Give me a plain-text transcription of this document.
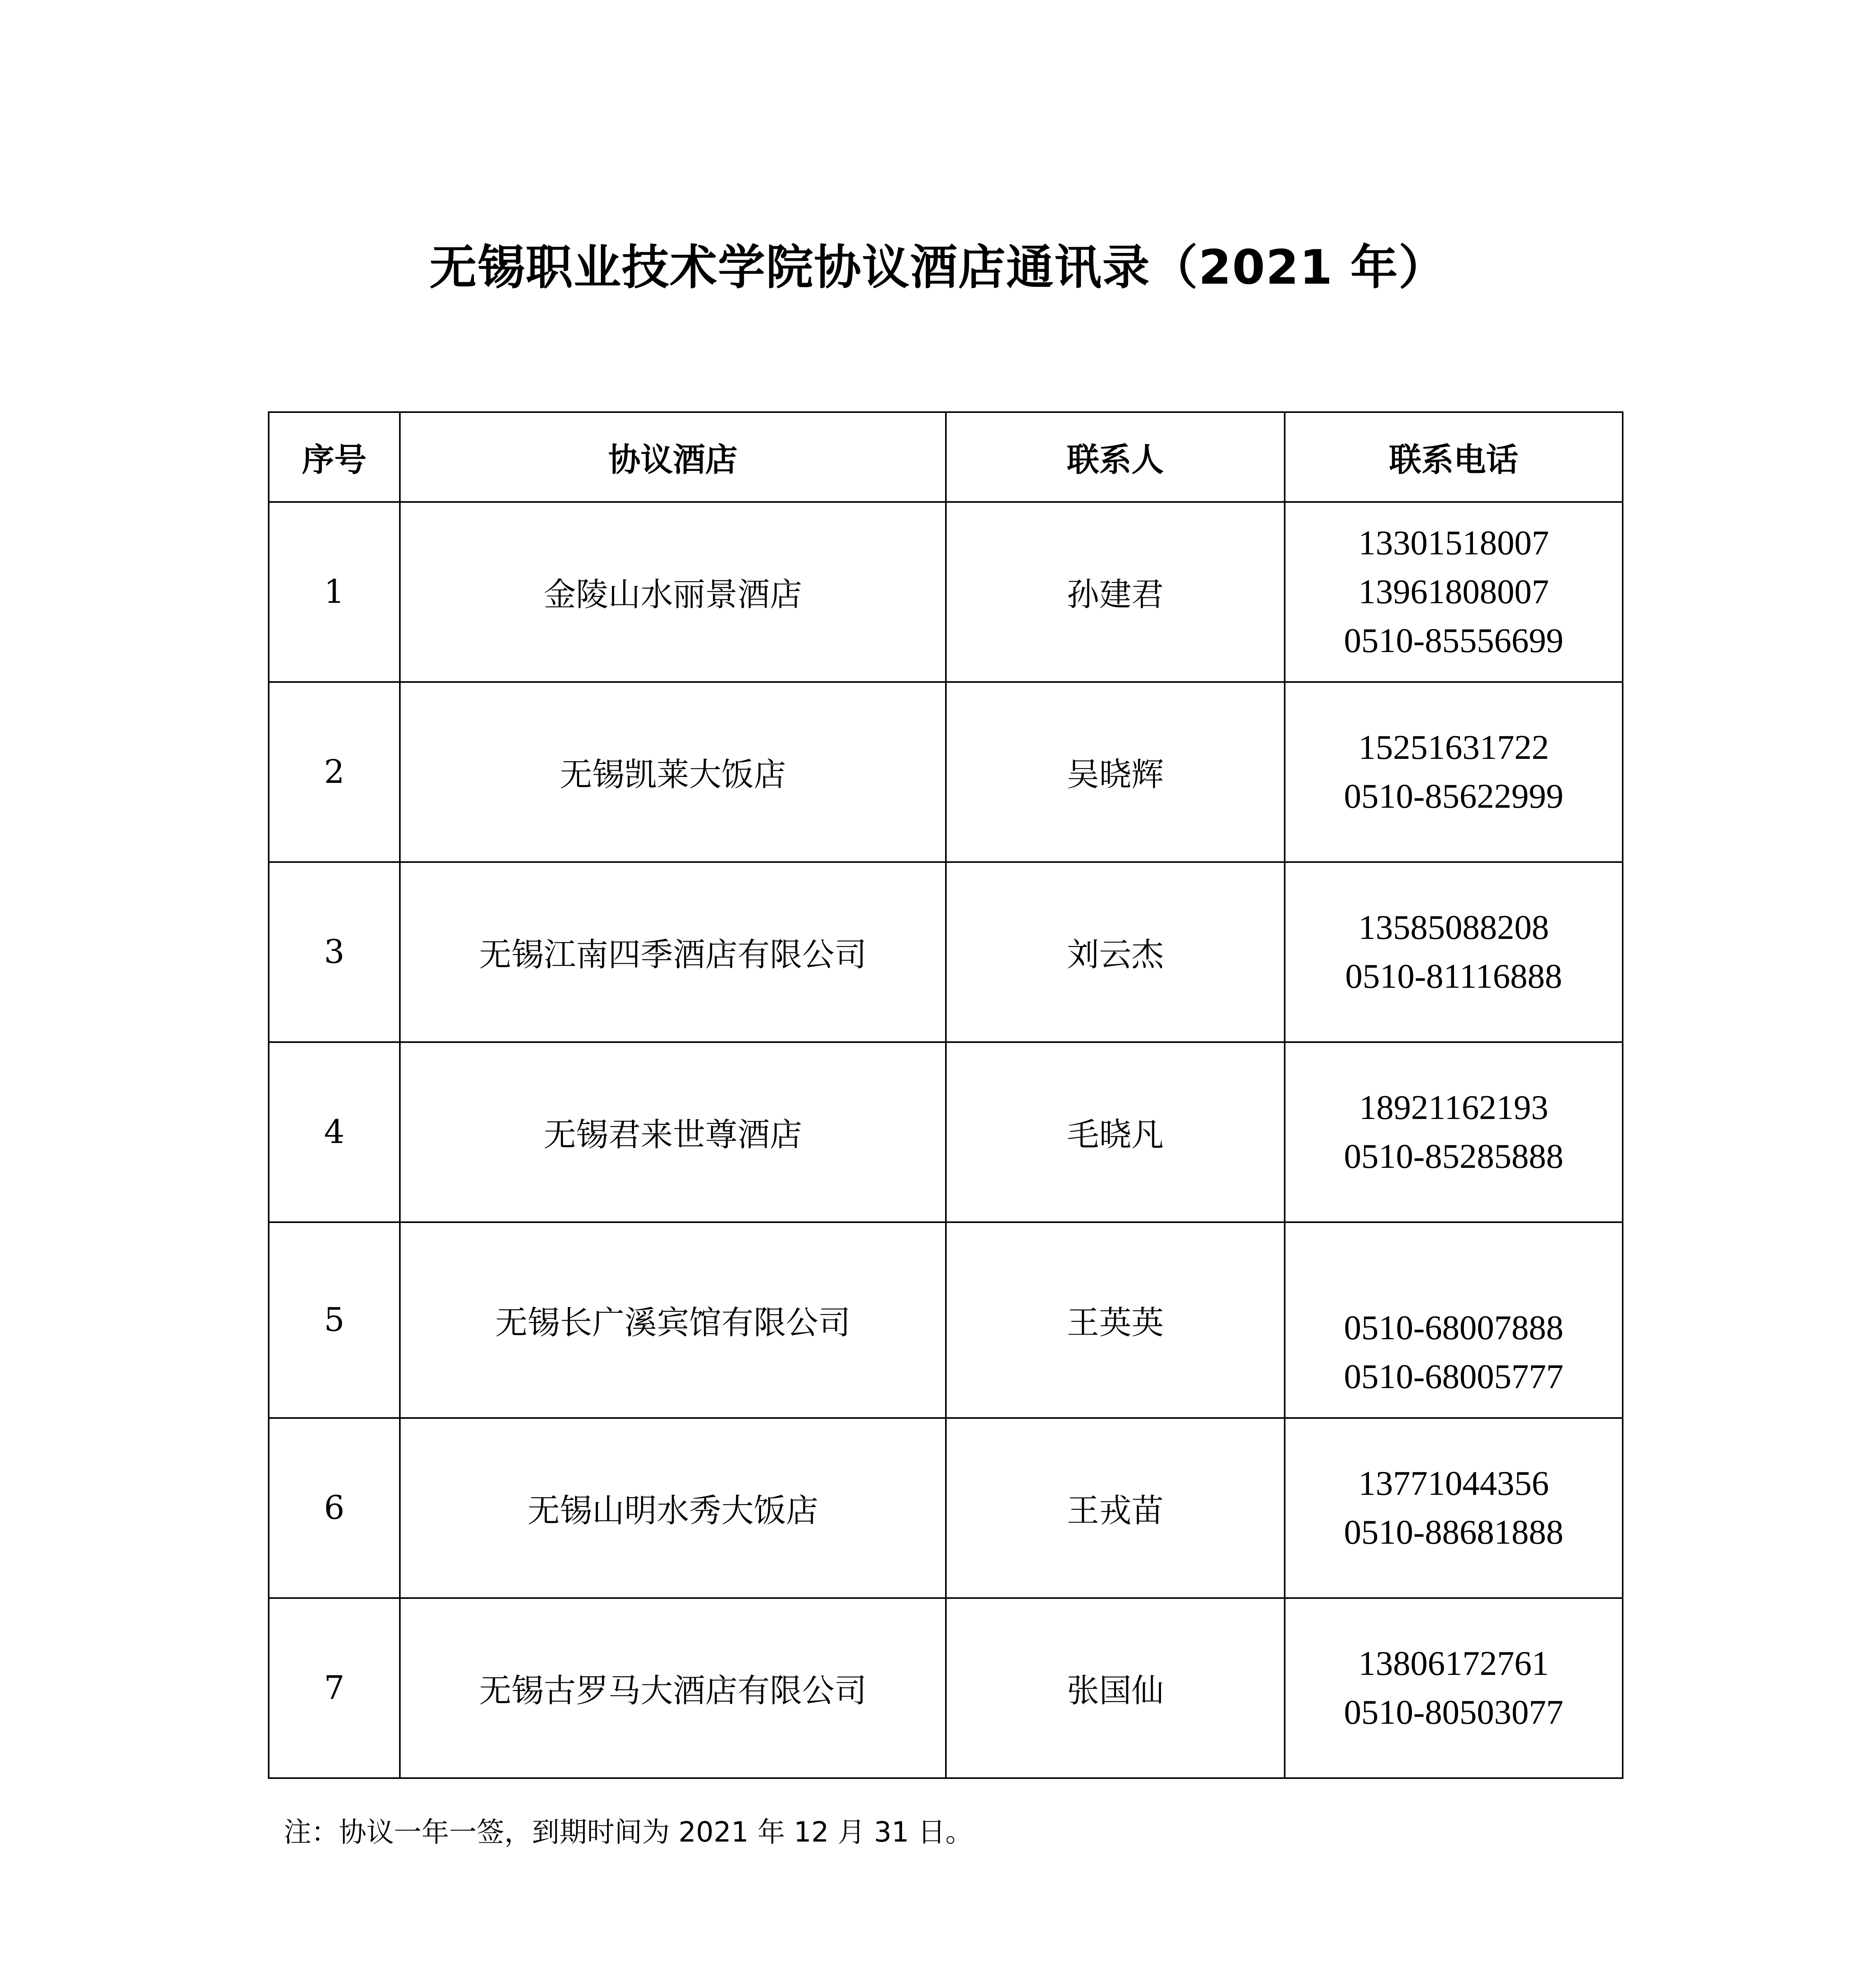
无锡职业技术学院协议酒店通讯录（2021 年）
序号	协议酒店	联系人	联系电话
1	金陵山水丽景酒店	孙建君	13301518007
13961808007
0510-85556699

2	无锡凯莱大饭店	吴晓辉	15251631722
0510-85622999

3	无锡江南四季酒店有限公司	刘云杰	13585088208
0510-81116888

4	无锡君来世尊酒店	毛晓凡	18921162193
0510-85285888

5	无锡长广溪宾馆有限公司	王英英	0510-68007888
0510-68005777

6	无锡山明水秀大饭店	王戎苗	13771044356
0510-88681888

7	无锡古罗马大酒店有限公司	张国仙	13806172761
0510-80503077
注：协议一年一签，到期时间为 2021 年 12 月 31 日。
